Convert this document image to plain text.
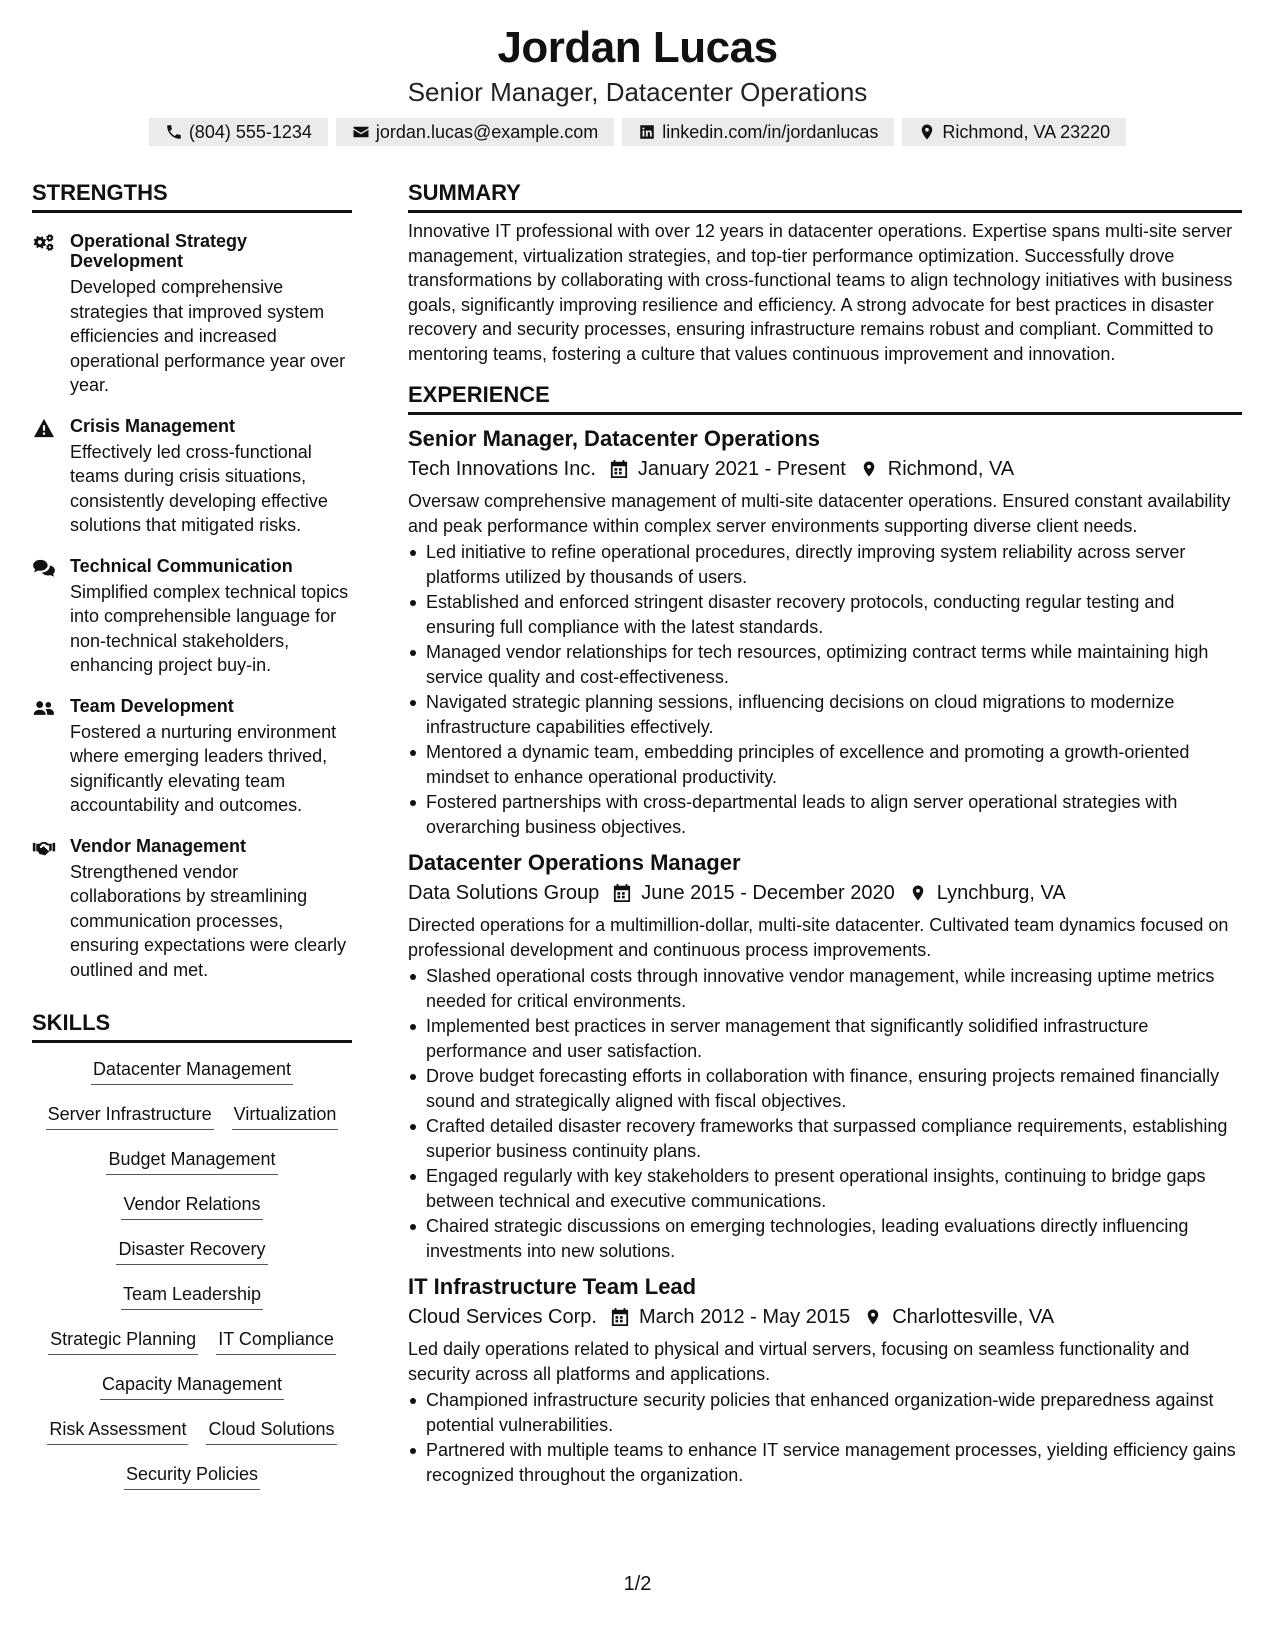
Jordan Lucas
Senior Manager, Datacenter Operations
(804) 555-1234	jordan.lucas@example.com	linkedin.com/in/jordanlucas	Richmond, VA 23220
STRENGTHS
Operational Strategy Development
Developed comprehensive strategies that improved system efficiencies and increased operational performance year over year.
Crisis Management
Effectively led cross-functional teams during crisis situations, consistently developing effective solutions that mitigated risks.
Technical Communication
Simplified complex technical topics into comprehensible language for non-technical stakeholders, enhancing project buy-in.
Team Development
Fostered a nurturing environment where emerging leaders thrived, significantly elevating team accountability and outcomes.
Vendor Management
Strengthened vendor collaborations by streamlining communication processes, ensuring expectations were clearly outlined and met.
SKILLS
Datacenter Management
Server Infrastructure Virtualization
Budget Management
Vendor Relations
Disaster Recovery
Team Leadership
Strategic Planning IT Compliance
Capacity Management
Risk Assessment Cloud Solutions
Security Policies
SUMMARY
Innovative IT professional with over 12 years in datacenter operations. Expertise spans multi-site server management, virtualization strategies, and top-tier performance optimization. Successfully drove transformations by collaborating with cross-functional teams to align technology initiatives with business goals, significantly improving resilience and efficiency. A strong advocate for best practices in disaster recovery and security processes, ensuring infrastructure remains robust and compliant. Committed to mentoring teams, fostering a culture that values continuous improvement and innovation.
EXPERIENCE
Senior Manager, Datacenter Operations
Tech Innovations Inc. January 2021 - Present Richmond, VA
Oversaw comprehensive management of multi-site datacenter operations. Ensured constant availability and peak performance within complex server environments supporting diverse client needs.
Led initiative to refine operational procedures, directly improving system reliability across server platforms utilized by thousands of users.
Established and enforced stringent disaster recovery protocols, conducting regular testing and ensuring full compliance with the latest standards.
Managed vendor relationships for tech resources, optimizing contract terms while maintaining high service quality and cost-effectiveness.
Navigated strategic planning sessions, influencing decisions on cloud migrations to modernize infrastructure capabilities effectively.
Mentored a dynamic team, embedding principles of excellence and promoting a growth-oriented mindset to enhance operational productivity.
Fostered partnerships with cross-departmental leads to align server operational strategies with overarching business objectives.
Datacenter Operations Manager
Data Solutions Group June 2015 - December 2020 Lynchburg, VA
Directed operations for a multimillion-dollar, multi-site datacenter. Cultivated team dynamics focused on professional development and continuous process improvements.
Slashed operational costs through innovative vendor management, while increasing uptime metrics needed for critical environments.
Implemented best practices in server management that significantly solidified infrastructure performance and user satisfaction.
Drove budget forecasting efforts in collaboration with finance, ensuring projects remained financially sound and strategically aligned with fiscal objectives.
Crafted detailed disaster recovery frameworks that surpassed compliance requirements, establishing superior business continuity plans.
Engaged regularly with key stakeholders to present operational insights, continuing to bridge gaps between technical and executive communications.
Chaired strategic discussions on emerging technologies, leading evaluations directly influencing investments into new solutions.
IT Infrastructure Team Lead
Cloud Services Corp. March 2012 - May 2015 Charlottesville, VA
Led daily operations related to physical and virtual servers, focusing on seamless functionality and security across all platforms and applications.
Championed infrastructure security policies that enhanced organization-wide preparedness against potential vulnerabilities.
Partnered with multiple teams to enhance IT service management processes, yielding efficiency gains recognized throughout the organization.
1/2
